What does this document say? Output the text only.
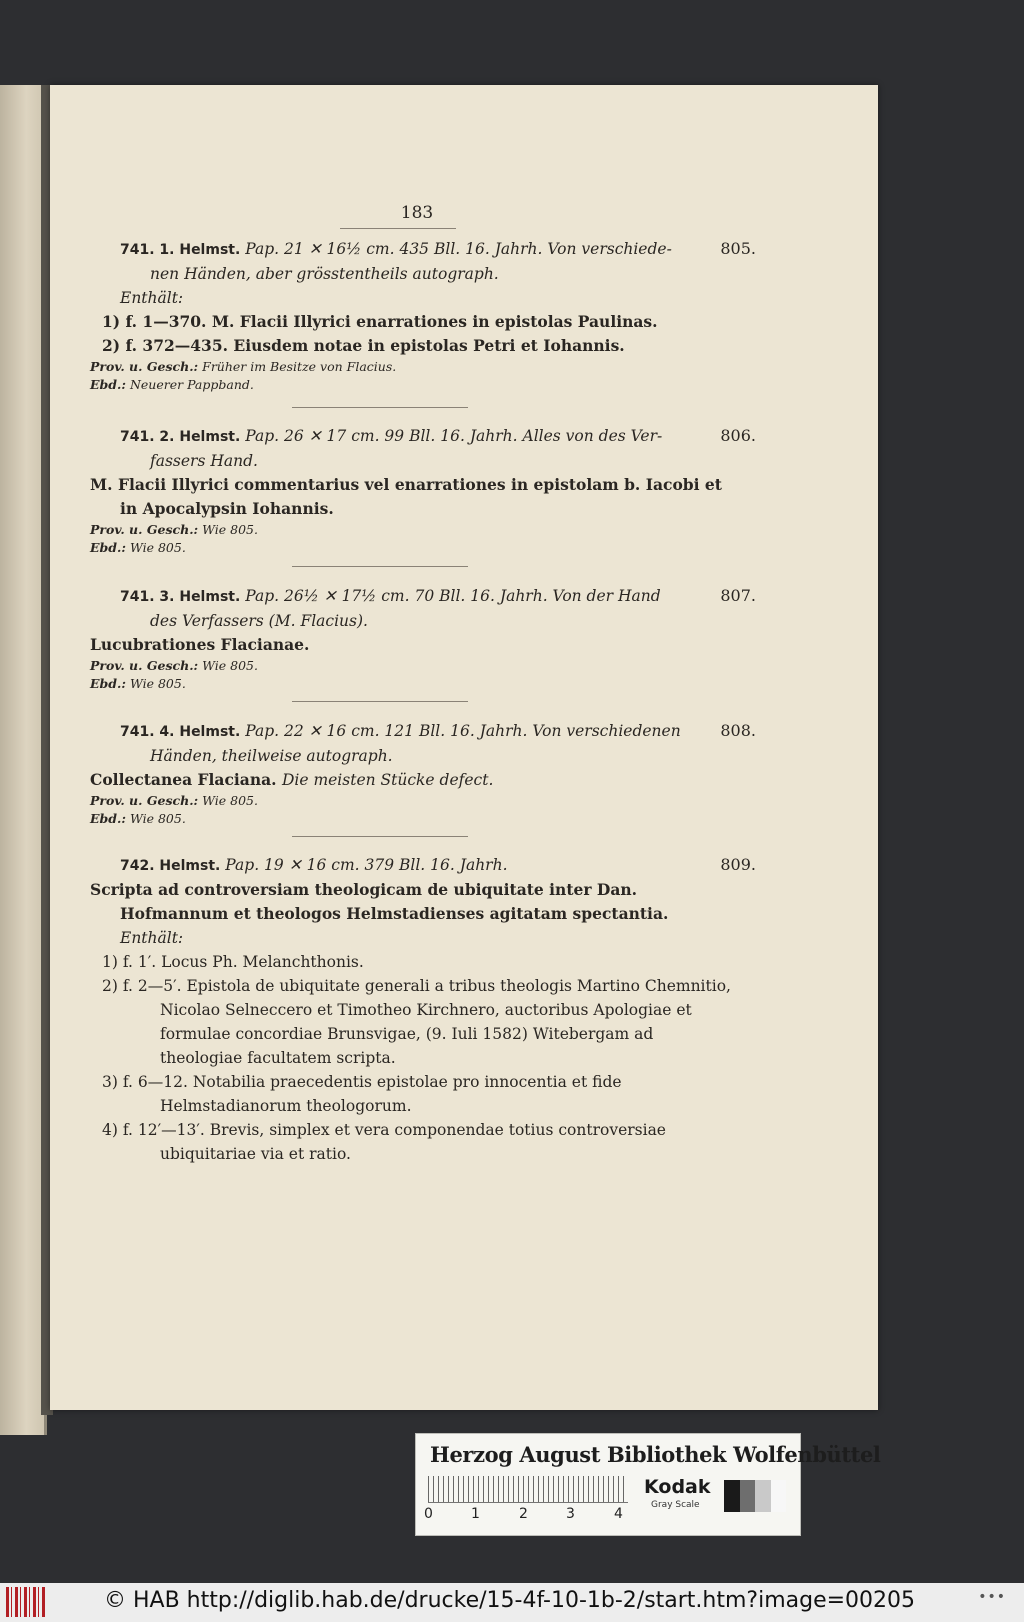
183
741. 1. Helmst. Pap. 21 ✕ 16½ cm. 435 Bll. 16. Jahrh. Von verschiede-
nen Händen, aber grösstentheils autograph.
805.
Enthält:
1) f. 1—370. M. Flacii Illyrici enarrationes in epistolas Paulinas.
2) f. 372—435. Eiusdem notae in epistolas Petri et Iohannis.
Prov. u. Gesch.: Früher im Besitze von Flacius.
Ebd.: Neuerer Pappband.
741. 2. Helmst. Pap. 26 ✕ 17 cm. 99 Bll. 16. Jahrh. Alles von des Ver-
fassers Hand.
806.
M. Flacii Illyrici commentarius vel enarrationes in epistolam b. Iacobi et in Apocalypsin Iohannis.
Prov. u. Gesch.: Wie 805.
Ebd.: Wie 805.
741. 3. Helmst. Pap. 26½ ✕ 17½ cm. 70 Bll. 16. Jahrh. Von der Hand
des Verfassers (M. Flacius).
807.
Lucubrationes Flacianae.
Prov. u. Gesch.: Wie 805.
Ebd.: Wie 805.
741. 4. Helmst. Pap. 22 ✕ 16 cm. 121 Bll. 16. Jahrh. Von verschiedenen
Händen, theilweise autograph.
808.
Collectanea Flaciana. Die meisten Stücke defect.
Prov. u. Gesch.: Wie 805.
Ebd.: Wie 805.
742. Helmst. Pap. 19 ✕ 16 cm. 379 Bll. 16. Jahrh.	809.
Scripta ad controversiam theologicam de ubiquitate inter Dan. Hofmannum et theologos Helmstadienses agitatam spectantia.
Enthält:
1) f. 1′. Locus Ph. Melanchthonis.
2) f. 2—5′. Epistola de ubiquitate generali a tribus theologis Martino Chemnitio, Nicolao Selneccero et Timotheo Kirchnero, auctoribus Apologiae et formulae concordiae Brunsvigae, (9. Iuli 1582) Witebergam ad theologiae facultatem scripta.
3) f. 6—12. Notabilia praecedentis epistolae pro innocentia et fide Helmstadianorum theologorum.
4) f. 12′—13′. Brevis, simplex et vera componendae totius controversiae ubiquitariae via et ratio.
Herzog August Bibliothek Wolfenbüttel
0	1	2	3	4
Kodak
Gray Scale
© HAB http://diglib.hab.de/drucke/15-4f-10-1b-2/start.htm?image=00205	•••
